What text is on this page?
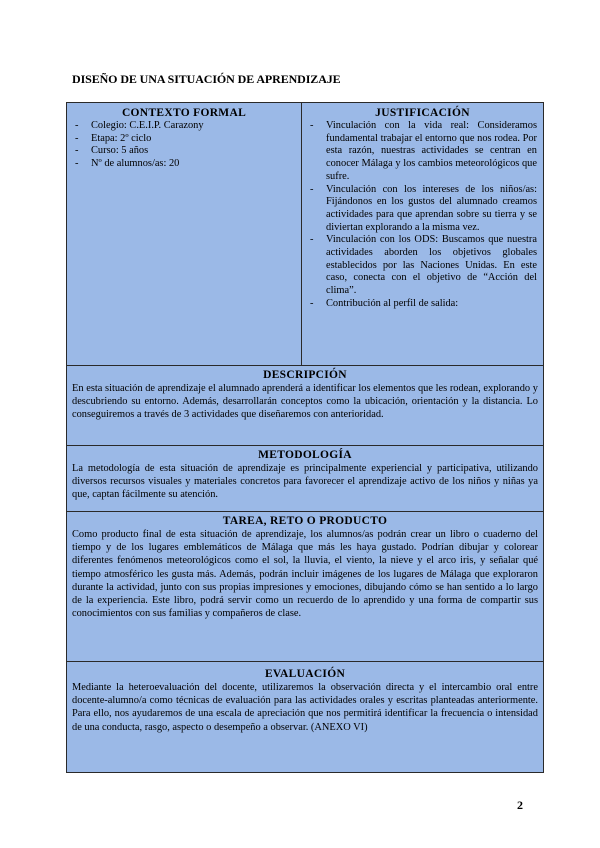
DISEÑO DE UNA SITUACIÓN DE APRENDIZAJE
CONTEXTO FORMAL
- Colegio: C.E.I.P. Carazony
- Etapa: 2º ciclo
- Curso: 5 años
- Nº de alumnos/as: 20
JUSTIFICACIÓN
- Vinculación con la vida real: Consideramos fundamental trabajar el entorno que nos rodea. Por esta razón, nuestras actividades se centran en conocer Málaga y los cambios meteorológicos que sufre.
- Vinculación con los intereses de los niños/as: Fijándonos en los gustos del alumnado creamos actividades para que aprendan sobre su tierra y se diviertan explorando a la misma vez.
- Vinculación con los ODS: Buscamos que nuestra actividades aborden los objetivos globales establecidos por las Naciones Unidas. En este caso, conecta con el objetivo de “Acción del clima”.
- Contribución al perfil de salida:
DESCRIPCIÓN
En esta situación de aprendizaje el alumnado aprenderá a identificar los elementos que les rodean, explorando y descubriendo su entorno. Además, desarrollarán conceptos como la ubicación, orientación y la distancia. Lo conseguiremos a través de 3 actividades que diseñaremos con anterioridad.
METODOLOGÍA
La metodología de esta situación de aprendizaje es principalmente experiencial y participativa, utilizando diversos recursos visuales y materiales concretos para favorecer el aprendizaje activo de los niños y niñas ya que, captan fácilmente su atención.
TAREA, RETO O PRODUCTO
Como producto final de esta situación de aprendizaje, los alumnos/as podrán crear un libro o cuaderno del tiempo y de los lugares emblemáticos de Málaga que más les haya gustado. Podrían dibujar y colorear diferentes fenómenos meteorológicos como el sol, la lluvia, el viento, la nieve y el arco iris, y señalar qué tiempo atmosférico les gusta más. Además, podrán incluir imágenes de los lugares de Málaga que exploraron durante la actividad, junto con sus propias impresiones y emociones, dibujando cómo se han sentido a lo largo de la experiencia. Este libro, podrá servir como un recuerdo de lo aprendido y una forma de compartir sus conocimientos con sus familias y compañeros de clase.
EVALUACIÓN
Mediante la heteroevaluación del docente, utilizaremos la observación directa y el intercambio oral entre docente-alumno/a como técnicas de evaluación para las actividades orales y escritas planteadas anteriormente. Para ello, nos ayudaremos de una escala de apreciación que nos permitirá identificar la frecuencia o intensidad de una conducta, rasgo, aspecto o desempeño a observar. (ANEXO VI)
2
